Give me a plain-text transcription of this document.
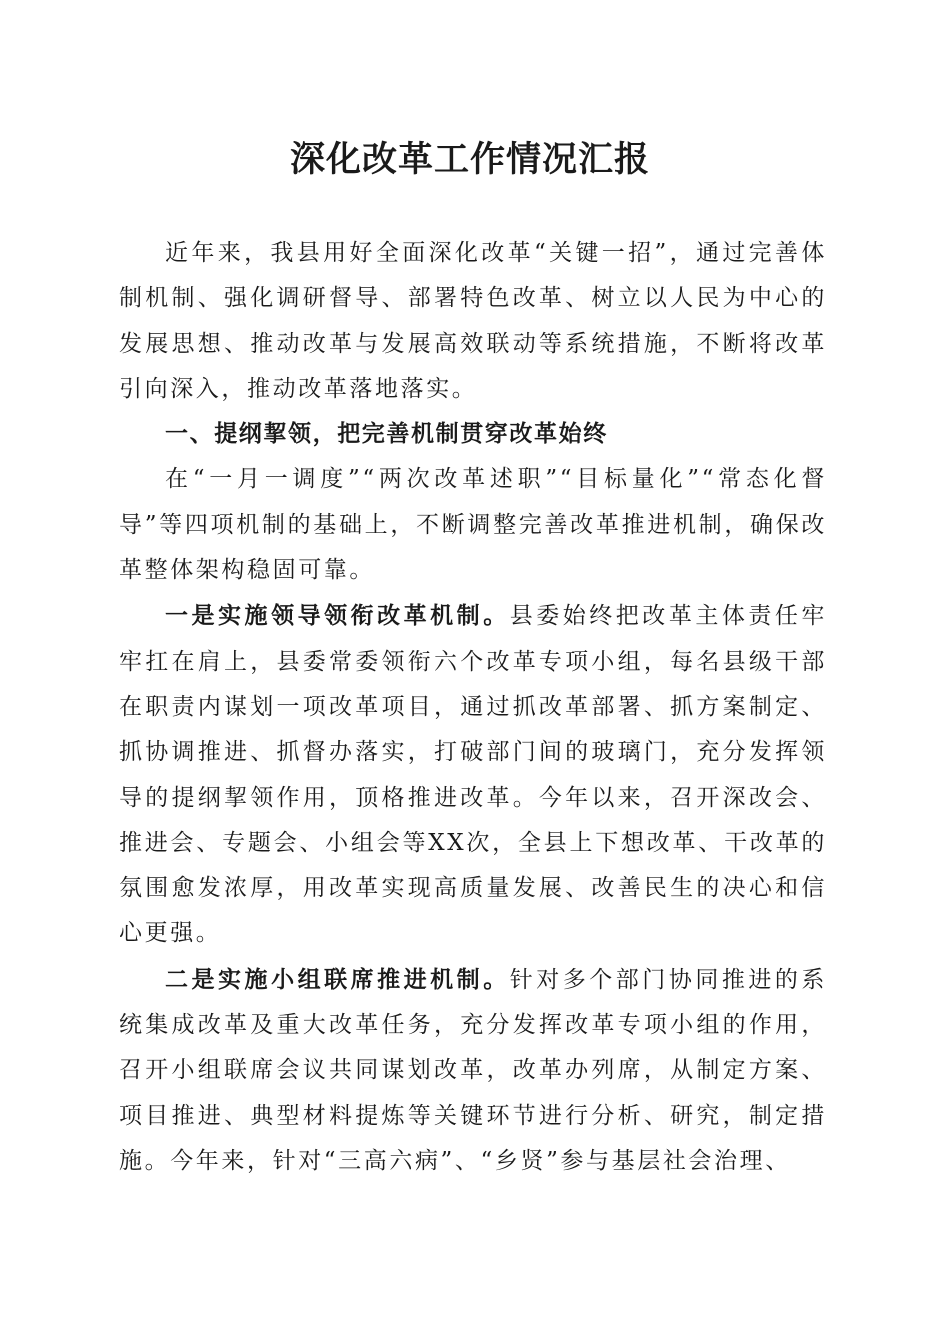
深化改革工作情况汇报

近年来，我县用好全面深化改革“关键一招”，通过完善体制机制、强化调研督导、部署特色改革、树立以人民为中心的发展思想、推动改革与发展高效联动等系统措施，不断将改革引向深入，推动改革落地落实。

一、提纲挈领，把完善机制贯穿改革始终

在“一月一调度”“两次改革述职”“目标量化”“常态化督导”等四项机制的基础上，不断调整完善改革推进机制，确保改革整体架构稳固可靠。

一是实施领导领衔改革机制。县委始终把改革主体责任牢牢扛在肩上，县委常委领衔六个改革专项小组，每名县级干部在职责内谋划一项改革项目，通过抓改革部署、抓方案制定、抓协调推进、抓督办落实，打破部门间的玻璃门，充分发挥领导的提纲挈领作用，顶格推进改革。今年以来，召开深改会、推进会、专题会、小组会等XX次，全县上下想改革、干改革的氛围愈发浓厚，用改革实现高质量发展、改善民生的决心和信心更强。

二是实施小组联席推进机制。针对多个部门协同推进的系统集成改革及重大改革任务，充分发挥改革专项小组的作用，召开小组联席会议共同谋划改革，改革办列席，从制定方案、项目推进、典型材料提炼等关键环节进行分析、研究，制定措施。今年来，针对“三高六病”、“乡贤”参与基层社会治理、
